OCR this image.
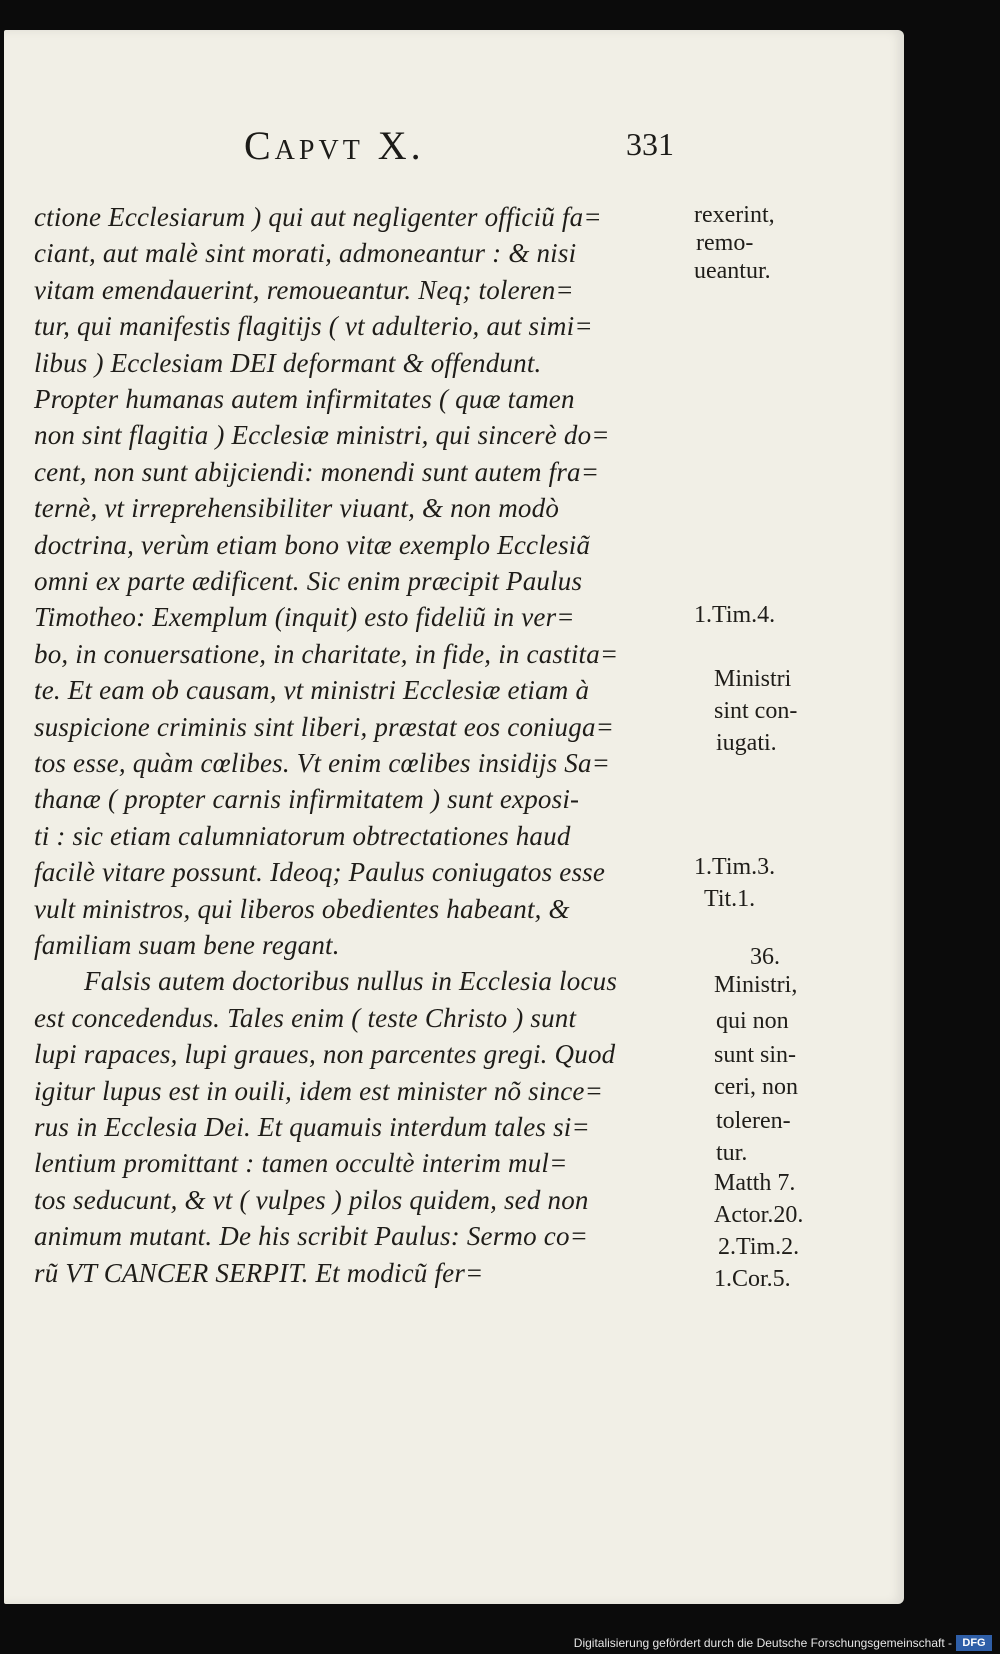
Capvt X.	331
ctione Ecclesiarum ) qui aut negligenter officiũ fa=
ciant, aut malè sint morati, admoneantur : & nisi
vitam emendauerint, remoueantur. Neq; toleren=
tur, qui manifestis flagitijs ( vt adulterio, aut simi=
libus ) Ecclesiam DEI deformant & offendunt.
Propter humanas autem infirmitates ( quæ tamen
non sint flagitia ) Ecclesiæ ministri, qui sincerè do=
cent, non sunt abijciendi: monendi sunt autem fra=
ternè, vt irreprehensibiliter viuant, & non modò
doctrina, verùm etiam bono vitæ exemplo Ecclesiã
omni ex parte ædificent. Sic enim præcipit Paulus
Timotheo: Exemplum (inquit) esto fideliũ in ver=
bo, in conuersatione, in charitate, in fide, in castita=
te. Et eam ob causam, vt ministri Ecclesiæ etiam à
suspicione criminis sint liberi, præstat eos coniuga=
tos esse, quàm cœlibes. Vt enim cœlibes insidijs Sa=
thanæ ( propter carnis infirmitatem ) sunt exposi-
ti : sic etiam calumniatorum obtrectationes haud
facilè vitare possunt. Ideoq; Paulus coniugatos esse
vult ministros, qui liberos obedientes habeant, &
familiam suam bene regant.
Falsis autem doctoribus nullus in Ecclesia locus
est concedendus. Tales enim ( teste Christo ) sunt
lupi rapaces, lupi graues, non parcentes gregi. Quod
igitur lupus est in ouili, idem est minister nõ since=
rus in Ecclesia Dei. Et quamuis interdum tales si=
lentium promittant : tamen occultè interim mul=
tos seducunt, & vt ( vulpes ) pilos quidem, sed non
animum mutant. De his scribit Paulus: Sermo co=
rũ VT CANCER SERPIT. Et modicũ fer=
rexerint,
remo-
ueantur.
1.Tim.4.
Ministri
sint con-
iugati.
1.Tim.3.
Tit.1.
36.
Ministri,
qui non
sunt sin-
ceri, non
toleren-
tur.
Matth 7.
Actor.20.
2.Tim.2.
1.Cor.5.
Digitalisierung gefördert durch die Deutsche Forschungsgemeinschaft - DFG
